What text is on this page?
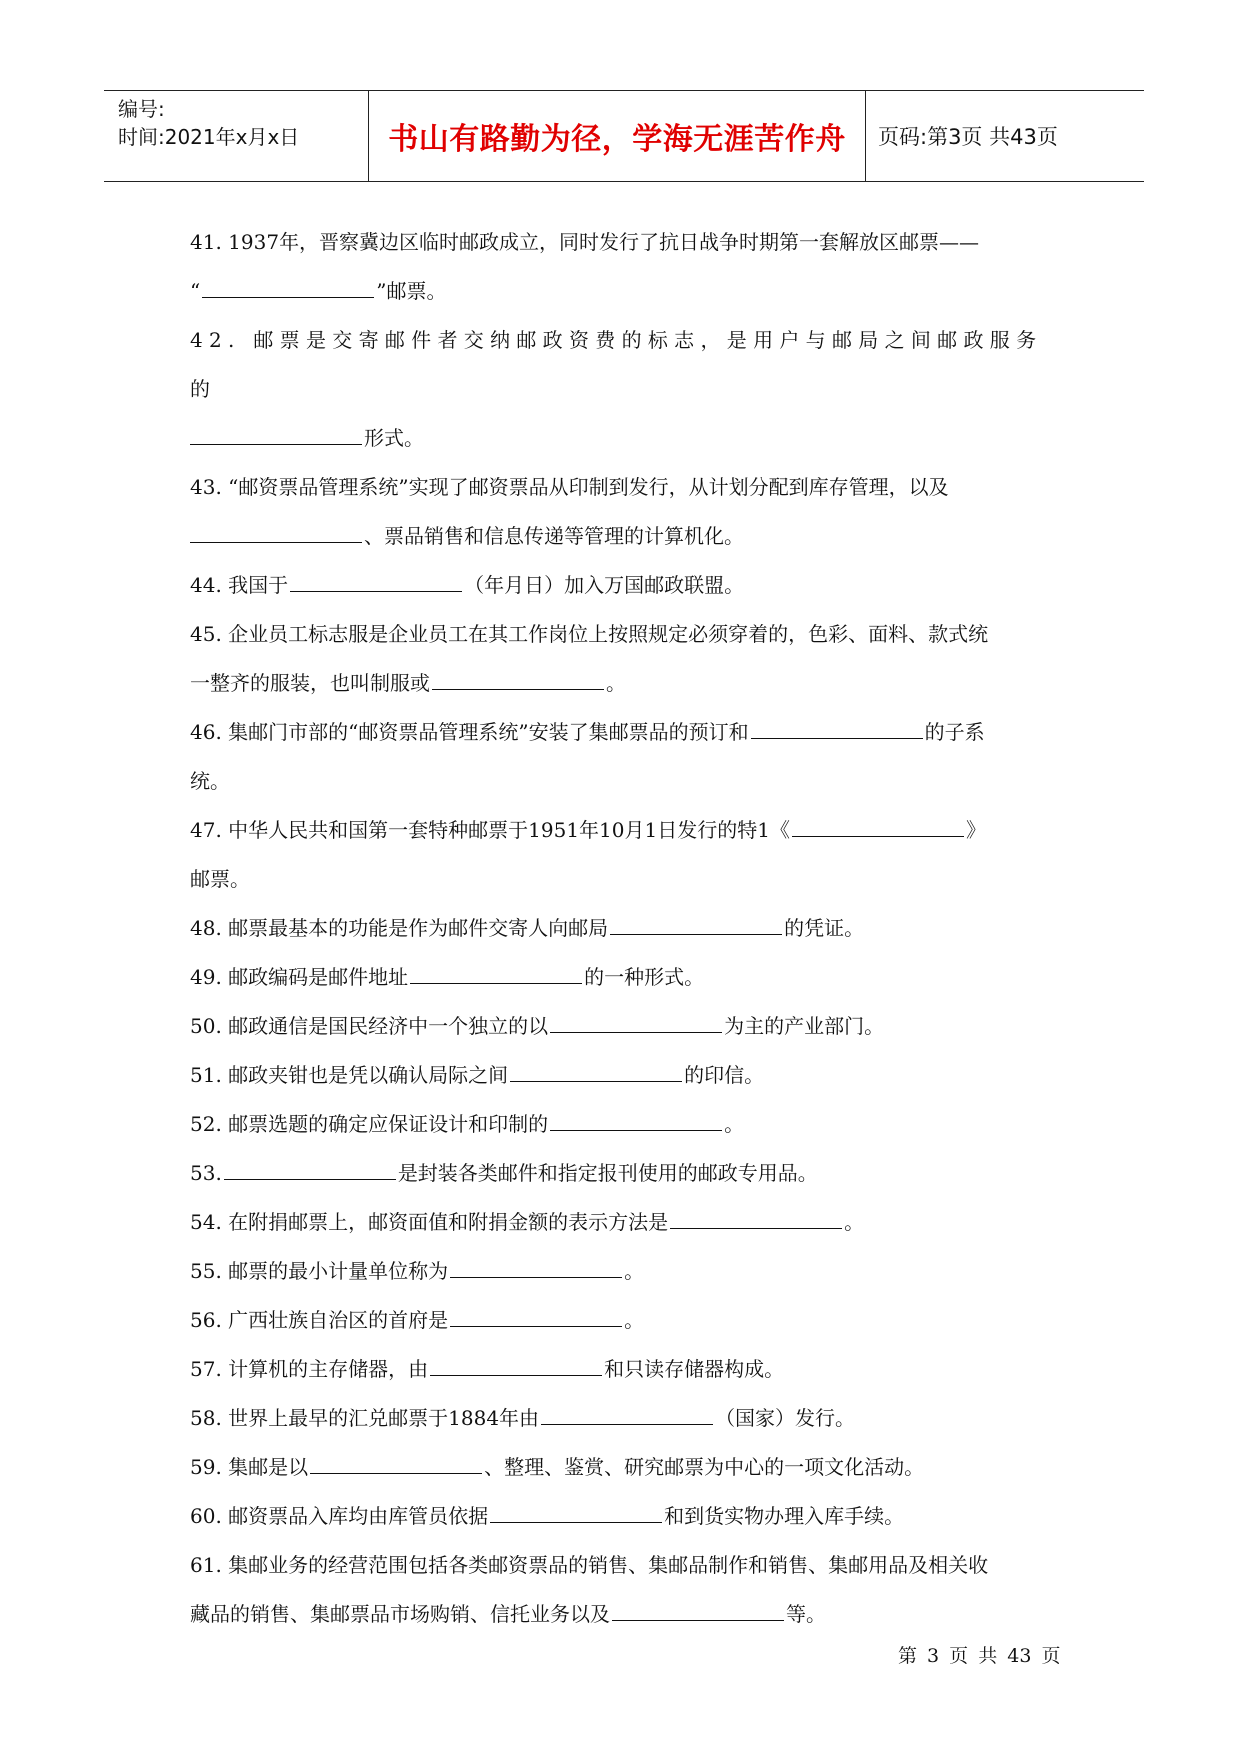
编号:
时间:2021年x月x日	书山有路勤为径，学海无涯苦作舟	页码:第3页 共43页

41. 1937年，晋察冀边区临时邮政成立，同时发行了抗日战争时期第一套解放区邮票——

“	”邮票。

42. 邮票是交寄邮件者交纳邮政资费的标志，是用户与邮局之间邮政服务的

形式。

43. “邮资票品管理系统”实现了邮资票品从印制到发行，从计划分配到库存管理，以及

、票品销售和信息传递等管理的计算机化。

44. 我国于	（年月日）加入万国邮政联盟。

45. 企业员工标志服是企业员工在其工作岗位上按照规定必须穿着的，色彩、面料、款式统

一整齐的服装，也叫制服或	。

46. 集邮门市部的“邮资票品管理系统”安装了集邮票品的预订和	的子系

统。

47. 中华人民共和国第一套特种邮票于1951年10月1日发行的特1《	》

邮票。

48. 邮票最基本的功能是作为邮件交寄人向邮局	的凭证。

49. 邮政编码是邮件地址	的一种形式。

50. 邮政通信是国民经济中一个独立的以	为主的产业部门。

51. 邮政夹钳也是凭以确认局际之间	的印信。

52. 邮票选题的确定应保证设计和印制的	。

53.	是封装各类邮件和指定报刊使用的邮政专用品。

54. 在附捐邮票上，邮资面值和附捐金额的表示方法是	。

55. 邮票的最小计量单位称为	。

56. 广西壮族自治区的首府是	。

57. 计算机的主存储器，由	和只读存储器构成。

58. 世界上最早的汇兑邮票于1884年由	（国家）发行。

59. 集邮是以	、整理、鉴赏、研究邮票为中心的一项文化活动。

60. 邮资票品入库均由库管员依据	和到货实物办理入库手续。

61. 集邮业务的经营范围包括各类邮资票品的销售、集邮品制作和销售、集邮用品及相关收

藏品的销售、集邮票品市场购销、信托业务以及	等。

第 3 页 共 43 页
